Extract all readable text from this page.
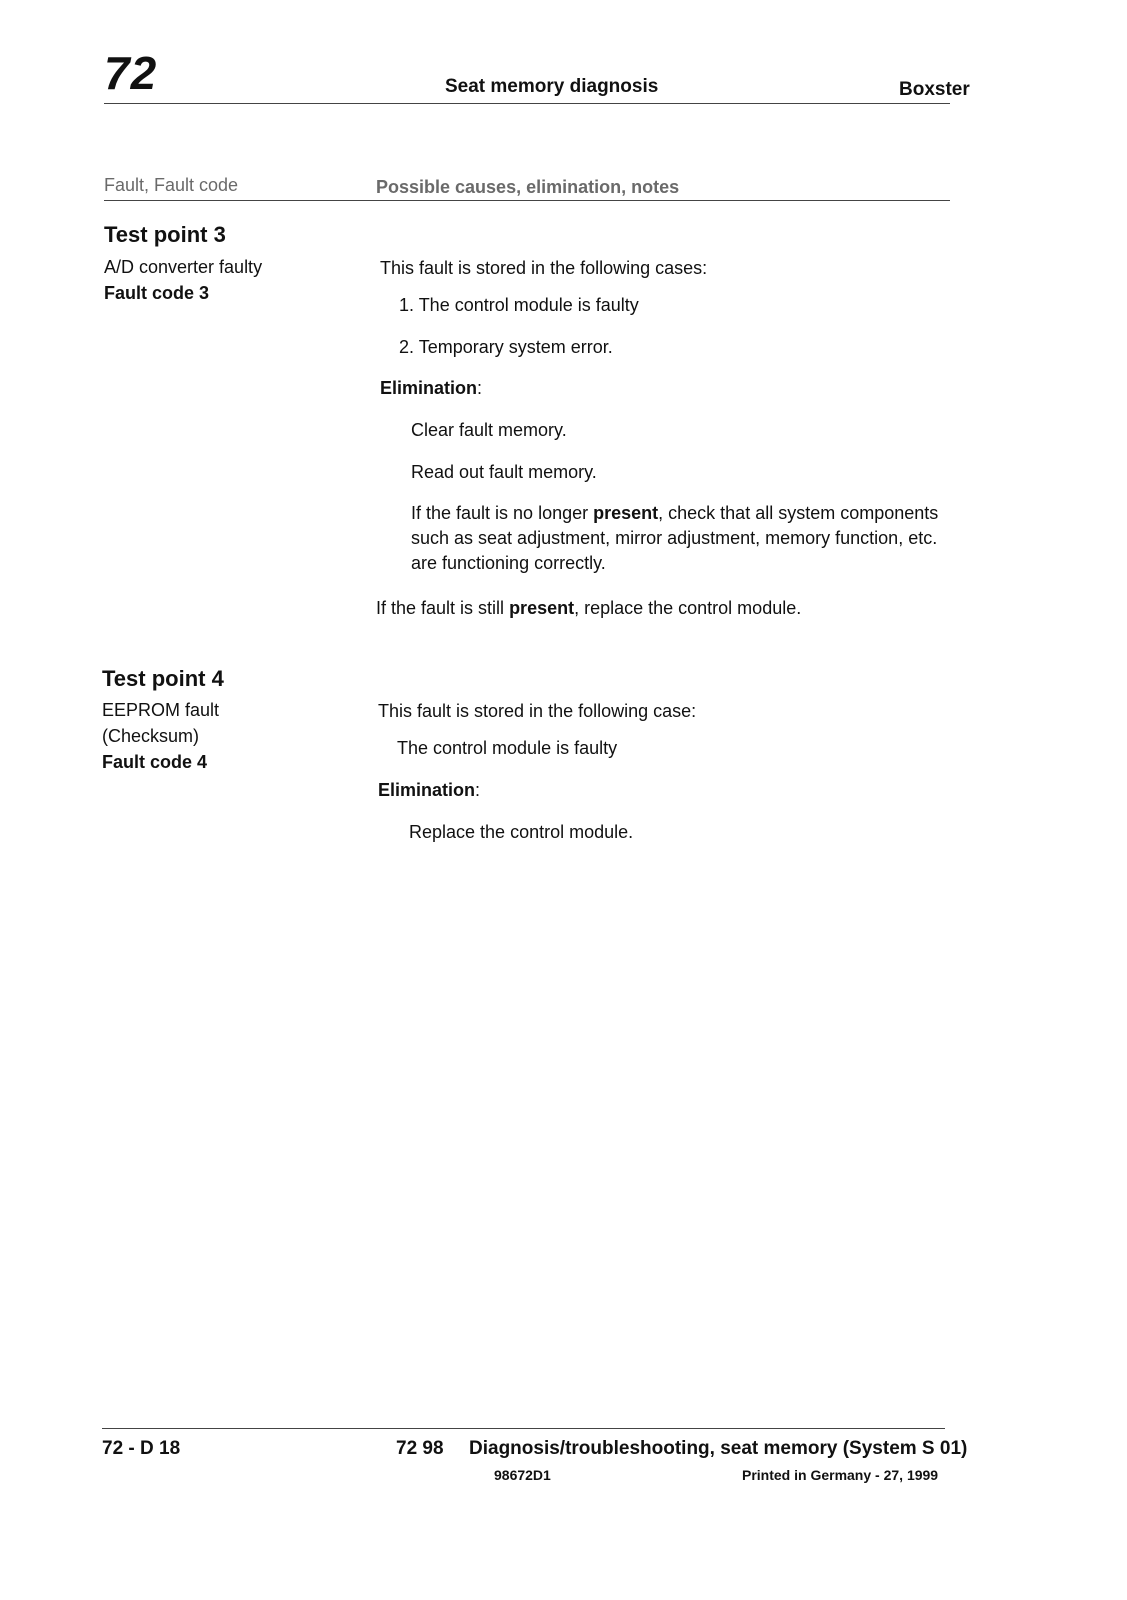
72	Seat memory diagnosis	Boxster
Fault, Fault code	Possible causes, elimination, notes
Test point 3
A/D converter faulty
Fault code 3
This fault is stored in the following cases:
1. The control module is faulty
2. Temporary system error.
Elimination:
Clear fault memory.
Read out fault memory.
If the fault is no longer present, check that all system components such as seat adjustment, mirror adjustment, memory function, etc. are functioning correctly.
If the fault is still present, replace the control module.
Test point 4
EEPROM fault
(Checksum)
Fault code 4
This fault is stored in the following case:
The control module is faulty
Elimination:
Replace the control module.
72 - D 18	72 98 Diagnosis/troubleshooting, seat memory (System S 01)
98672D1	Printed in Germany - 27, 1999
